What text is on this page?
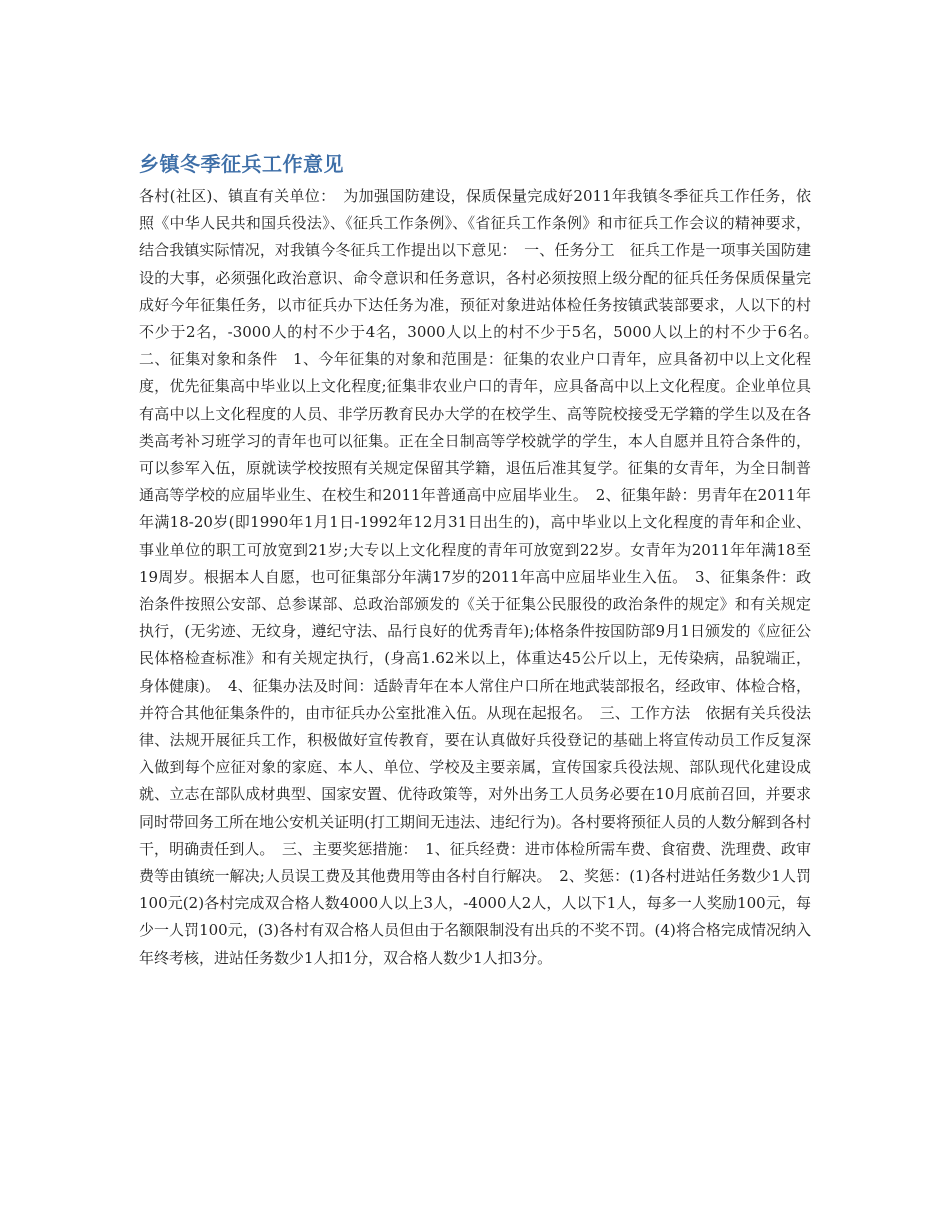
乡镇冬季征兵工作意见

各村(社区)、镇直有关单位：　为加强国防建设，保质保量完成好2011年我镇冬季征兵工作任务，依照《中华人民共和国兵役法》、《征兵工作条例》、《省征兵工作条例》和市征兵工作会议的精神要求，结合我镇实际情况，对我镇今冬征兵工作提出以下意见：　一、任务分工　征兵工作是一项事关国防建设的大事，必须强化政治意识、命令意识和任务意识，各村必须按照上级分配的征兵任务保质保量完成好今年征集任务，以市征兵办下达任务为准，预征对象进站体检任务按镇武装部要求，人以下的村不少于2名，-3000人的村不少于4名，3000人以上的村不少于5名，5000人以上的村不少于6名。　二、征集对象和条件　1、今年征集的对象和范围是：征集的农业户口青年，应具备初中以上文化程度，优先征集高中毕业以上文化程度;征集非农业户口的青年，应具备高中以上文化程度。企业单位具有高中以上文化程度的人员、非学历教育民办大学的在校学生、高等院校接受无学籍的学生以及在各类高考补习班学习的青年也可以征集。正在全日制高等学校就学的学生，本人自愿并且符合条件的，可以参军入伍，原就读学校按照有关规定保留其学籍，退伍后准其复学。征集的女青年，为全日制普通高等学校的应届毕业生、在校生和2011年普通高中应届毕业生。　2、征集年龄：男青年在2011年年满18-20岁(即1990年1月1日-1992年12月31日出生的)，高中毕业以上文化程度的青年和企业、事业单位的职工可放宽到21岁;大专以上文化程度的青年可放宽到22岁。女青年为2011年年满18至19周岁。根据本人自愿，也可征集部分年满17岁的2011年高中应届毕业生入伍。　3、征集条件：政治条件按照公安部、总参谋部、总政治部颁发的《关于征集公民服役的政治条件的规定》和有关规定执行，(无劣迹、无纹身，遵纪守法、品行良好的优秀青年);体格条件按国防部9月1日颁发的《应征公民体格检查标准》和有关规定执行，(身高1.62米以上，体重达45公斤以上，无传染病，品貌端正，身体健康)。　4、征集办法及时间：适龄青年在本人常住户口所在地武装部报名，经政审、体检合格，并符合其他征集条件的，由市征兵办公室批准入伍。从现在起报名。　三、工作方法　依据有关兵役法律、法规开展征兵工作，积极做好宣传教育，要在认真做好兵役登记的基础上将宣传动员工作反复深入做到每个应征对象的家庭、本人、单位、学校及主要亲属，宣传国家兵役法规、部队现代化建设成就、立志在部队成材典型、国家安置、优待政策等，对外出务工人员务必要在10月底前召回，并要求同时带回务工所在地公安机关证明(打工期间无违法、违纪行为)。各村要将预征人员的人数分解到各村干，明确责任到人。　三、主要奖惩措施：　1、征兵经费：进市体检所需车费、食宿费、洗理费、政审费等由镇统一解决;人员误工费及其他费用等由各村自行解决。　2、奖惩：(1)各村进站任务数少1人罚100元(2)各村完成双合格人数4000人以上3人，-4000人2人，人以下1人，每多一人奖励100元，每少一人罚100元，(3)各村有双合格人员但由于名额限制没有出兵的不奖不罚。(4)将合格完成情况纳入年终考核，进站任务数少1人扣1分，双合格人数少1人扣3分。
